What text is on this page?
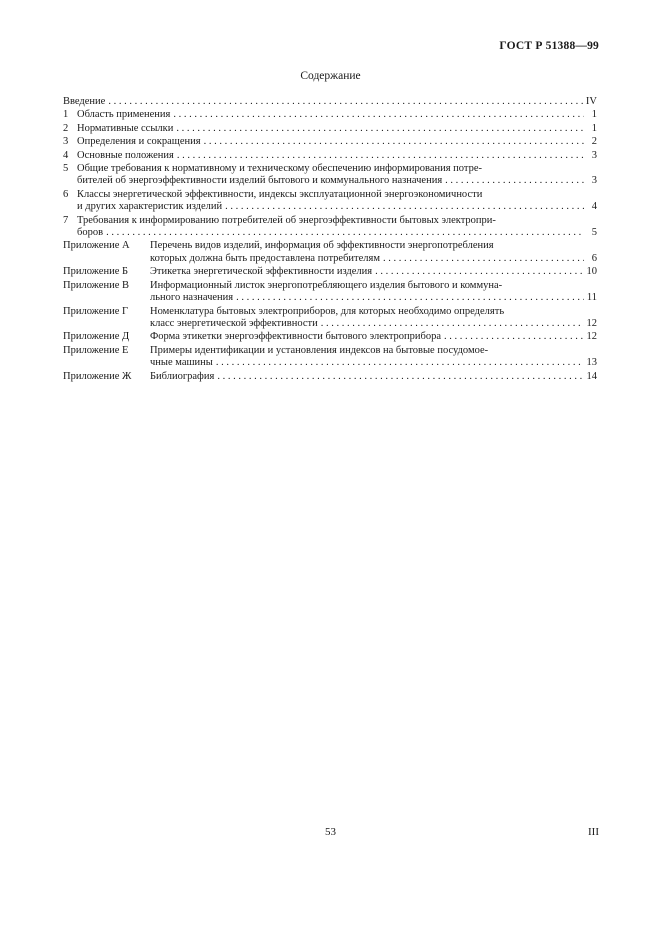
ГОСТ Р 51388—99
Содержание
Введение . . .	IV
1 Область применения . . .	1
2 Нормативные ссылки . . .	1
3 Определения и сокращения . . .	2
4 Основные положения . . .	3
5 Общие требования к нормативному и техническому обеспечению информирования потре-
бителей об энергоэффективности изделий бытового и коммунального назначения . . .	3
6 Классы энергетической эффективности, индексы эксплуатационной энергоэкономичности
и других характеристик изделий . . .	4
7 Требования к информированию потребителей об энергоэффективности бытовых электропри-
боров . . .	5
Приложение А	Перечень видов изделий, информация об эффективности энергопотребления
которых должна быть предоставлена потребителям . . .	6
Приложение Б	Этикетка энергетической эффективности изделия . . .	10
Приложение В	Информационный листок энергопотребляющего изделия бытового и коммуна-
льного назначения . . .	11
Приложение Г	Номенклатура бытовых электроприборов, для которых необходимо определять
класс энергетической эффективности . . .	12
Приложение Д	Форма этикетки энергоэффективности бытового электроприбора . . .	12
Приложение Е	Примеры идентификации и установления индексов на бытовые посудомое-
чные машины . . .	13
Приложение Ж	Библиография . . .	14
53	III
